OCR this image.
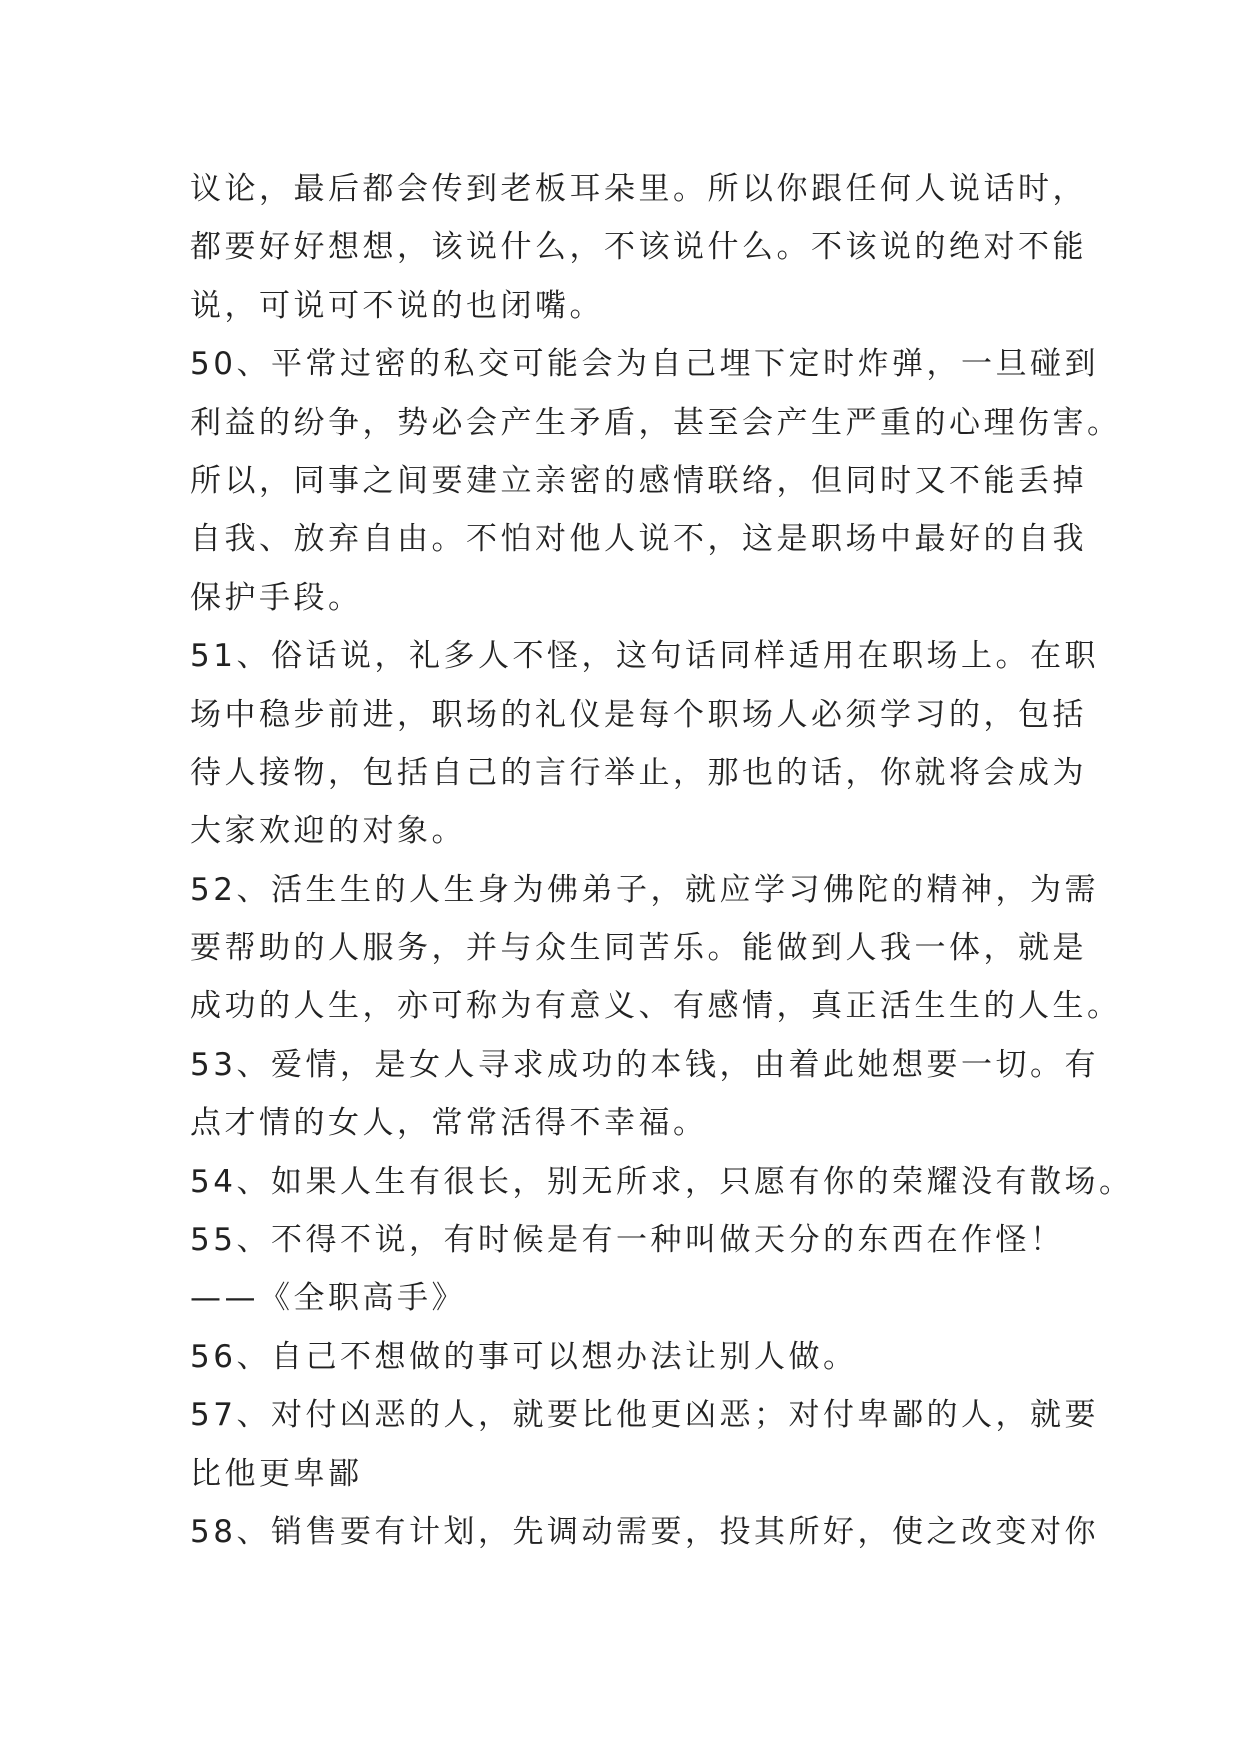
议论，最后都会传到老板耳朵里。所以你跟任何人说话时，
都要好好想想，该说什么，不该说什么。不该说的绝对不能
说，可说可不说的也闭嘴。
50、平常过密的私交可能会为自己埋下定时炸弹，一旦碰到
利益的纷争，势必会产生矛盾，甚至会产生严重的心理伤害。
所以，同事之间要建立亲密的感情联络，但同时又不能丢掉
自我、放弃自由。不怕对他人说不，这是职场中最好的自我
保护手段。
51、俗话说，礼多人不怪，这句话同样适用在职场上。在职
场中稳步前进，职场的礼仪是每个职场人必须学习的，包括
待人接物，包括自己的言行举止，那也的话，你就将会成为
大家欢迎的对象。
52、活生生的人生身为佛弟子，就应学习佛陀的精神，为需
要帮助的人服务，并与众生同苦乐。能做到人我一体，就是
成功的人生，亦可称为有意义、有感情，真正活生生的人生。
53、爱情，是女人寻求成功的本钱，由着此她想要一切。有
点才情的女人，常常活得不幸福。
54、如果人生有很长，别无所求，只愿有你的荣耀没有散场。
55、不得不说，有时候是有一种叫做天分的东西在作怪！
——《全职高手》
56、自己不想做的事可以想办法让别人做。
57、对付凶恶的人，就要比他更凶恶；对付卑鄙的人，就要
比他更卑鄙
58、销售要有计划，先调动需要，投其所好，使之改变对你
